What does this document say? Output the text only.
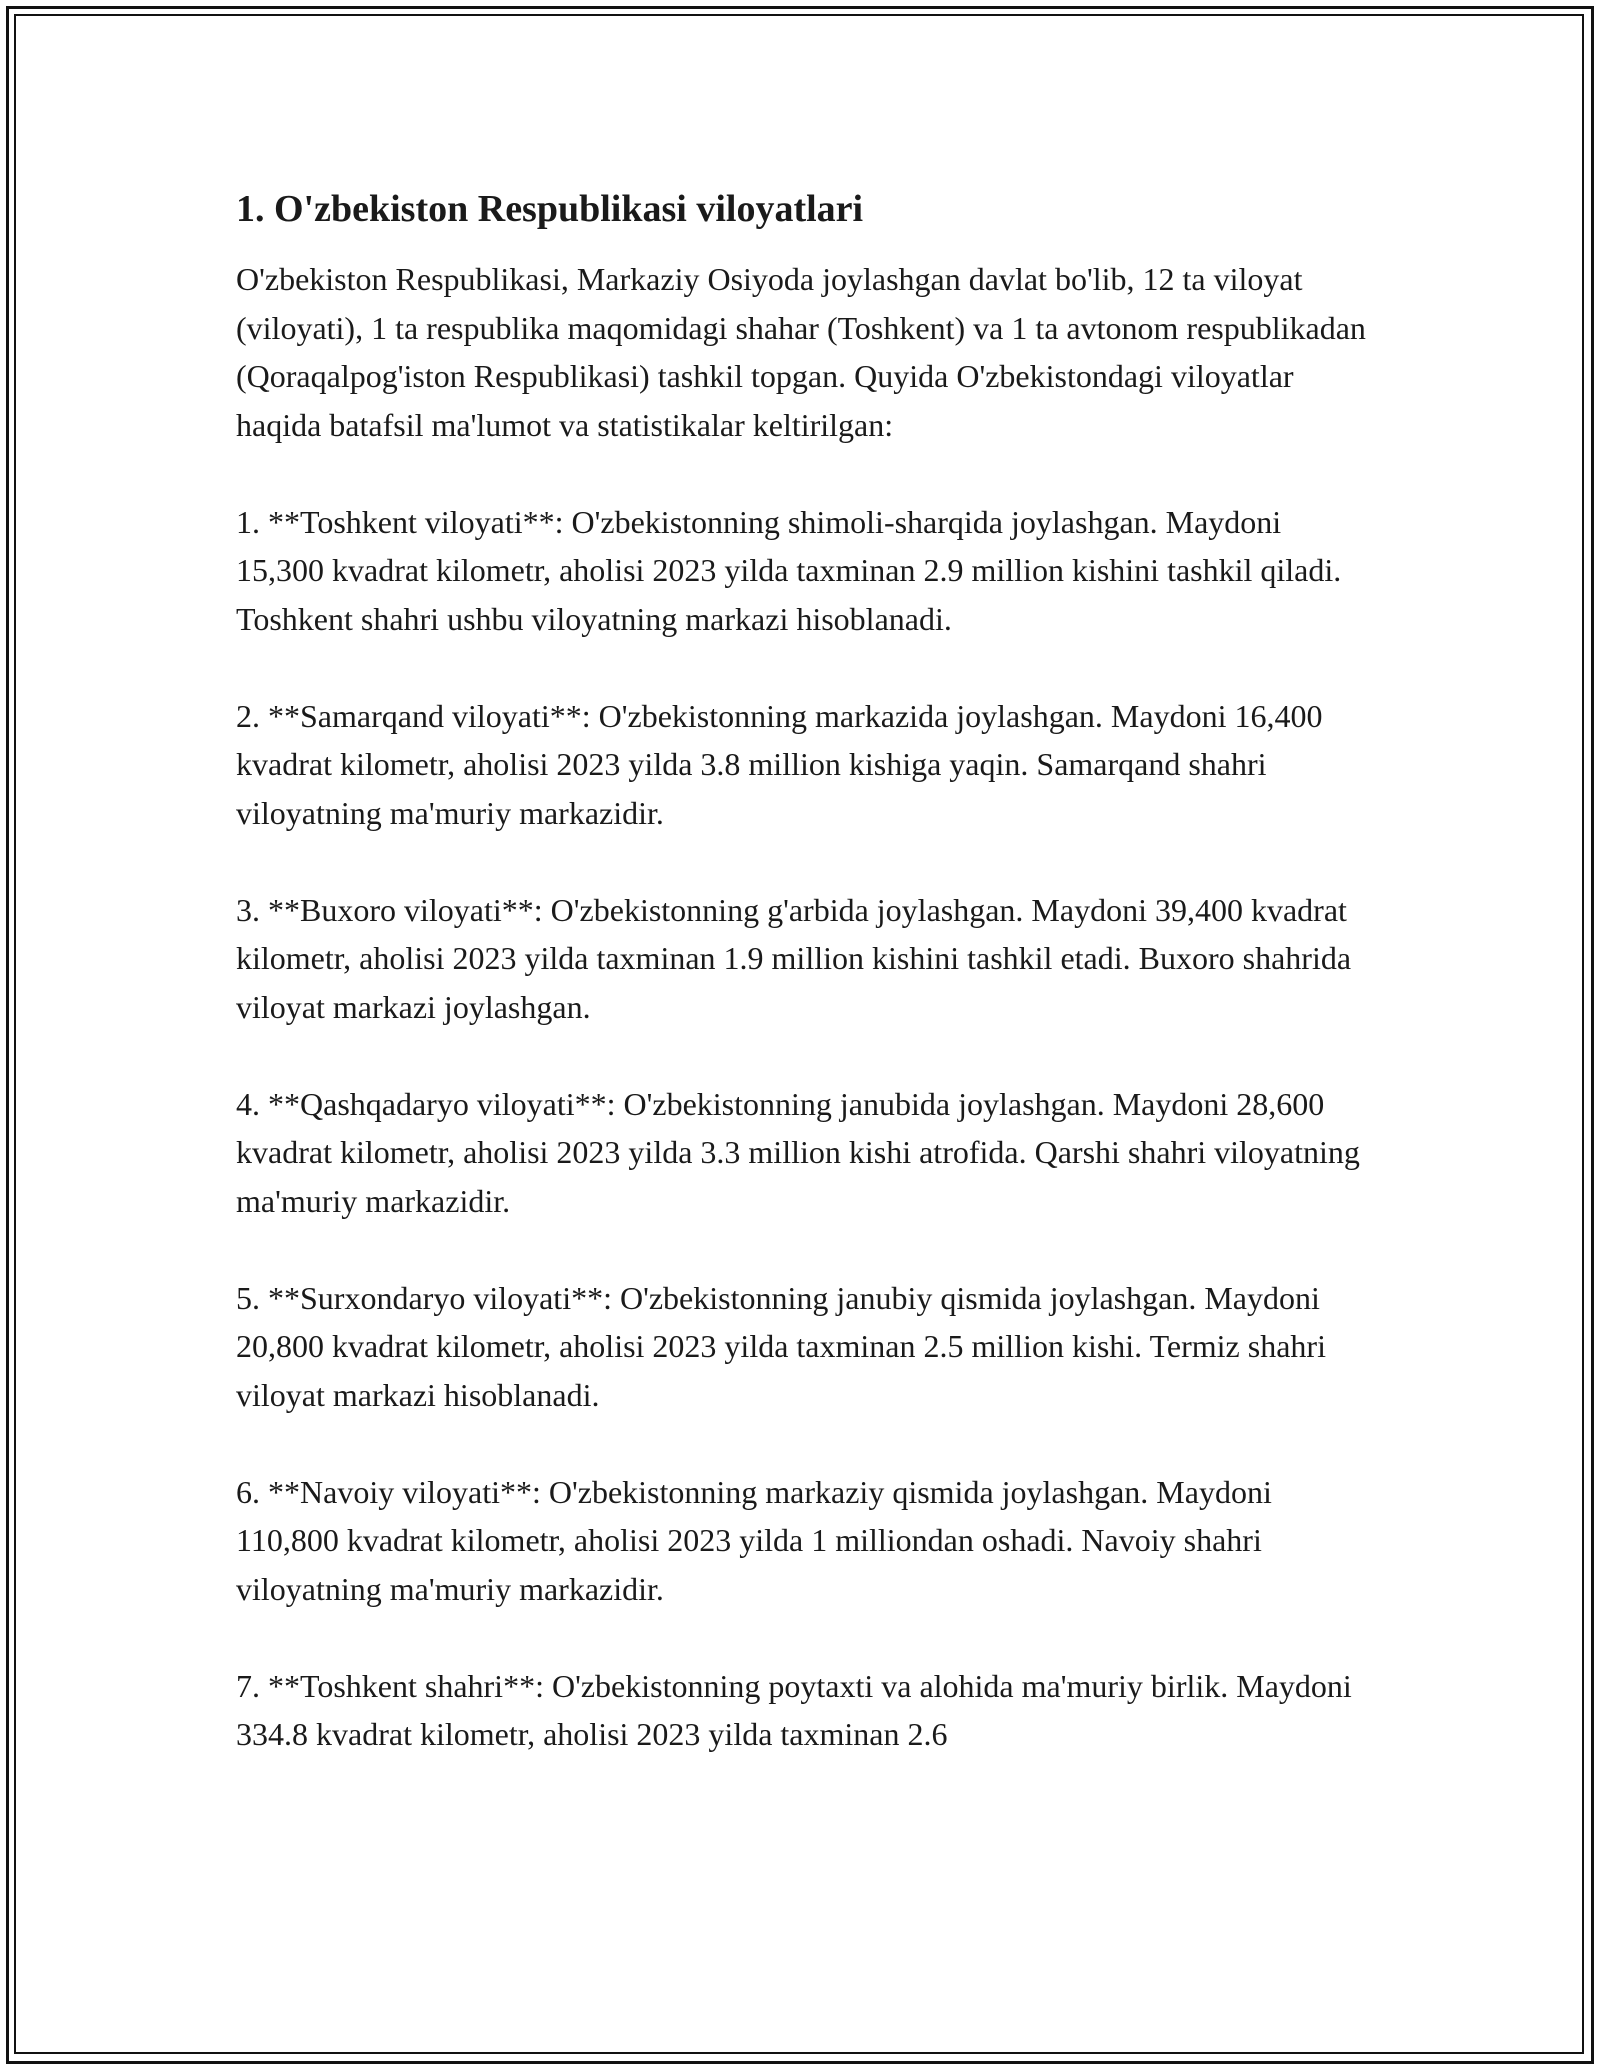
1. O'zbekiston Respublikasi viloyatlari

O'zbekiston Respublikasi, Markaziy Osiyoda joylashgan davlat bo'lib, 12 ta viloyat (viloyati), 1 ta respublika maqomidagi shahar (Toshkent) va 1 ta avtonom respublikadan (Qoraqalpog'iston Respublikasi) tashkil topgan. Quyida O'zbekistondagi viloyatlar haqida batafsil ma'lumot va statistikalar keltirilgan:

1. **Toshkent viloyati**: O'zbekistonning shimoli-sharqida joylashgan. Maydoni 15,300 kvadrat kilometr, aholisi 2023 yilda taxminan 2.9 million kishini tashkil qiladi. Toshkent shahri ushbu viloyatning markazi hisoblanadi.

2. **Samarqand viloyati**: O'zbekistonning markazida joylashgan. Maydoni 16,400 kvadrat kilometr, aholisi 2023 yilda 3.8 million kishiga yaqin. Samarqand shahri viloyatning ma'muriy markazidir.

3. **Buxoro viloyati**: O'zbekistonning g'arbida joylashgan. Maydoni 39,400 kvadrat kilometr, aholisi 2023 yilda taxminan 1.9 million kishini tashkil etadi. Buxoro shahrida viloyat markazi joylashgan.

4. **Qashqadaryo viloyati**: O'zbekistonning janubida joylashgan. Maydoni 28,600 kvadrat kilometr, aholisi 2023 yilda 3.3 million kishi atrofida. Qarshi shahri viloyatning ma'muriy markazidir.

5. **Surxondaryo viloyati**: O'zbekistonning janubiy qismida joylashgan. Maydoni 20,800 kvadrat kilometr, aholisi 2023 yilda taxminan 2.5 million kishi. Termiz shahri viloyat markazi hisoblanadi.

6. **Navoiy viloyati**: O'zbekistonning markaziy qismida joylashgan. Maydoni 110,800 kvadrat kilometr, aholisi 2023 yilda 1 milliondan oshadi. Navoiy shahri viloyatning ma'muriy markazidir.

7. **Toshkent shahri**: O'zbekistonning poytaxti va alohida ma'muriy birlik. Maydoni 334.8 kvadrat kilometr, aholisi 2023 yilda taxminan 2.6
